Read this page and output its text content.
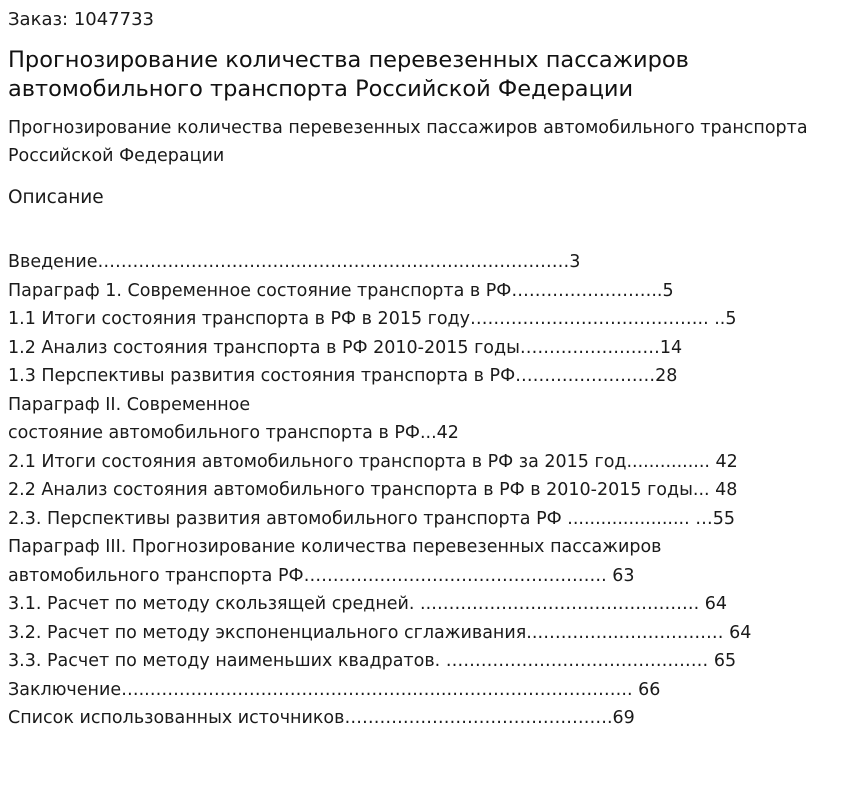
Заказ: 1047733

Прогнозирование количества перевезенных пассажиров автомобильного транспорта Российской Федерации

Прогнозирование количества перевезенных пассажиров автомобильного транспорта Российской Федерации

Описание
Введение……………………………..……………………….………………3
Параграф 1. Современное состояние транспорта в РФ……………………..5
1.1 Итоги состояния транспорта в РФ в 2015 году………………………………….. ..5
1.2 Анализ состояния транспорта в РФ 2010-2015 годы……………………14
1.3 Перспективы развития состояния транспорта в РФ……………………28
Параграф II. Современное
состояние автомобильного транспорта в РФ...42
2.1 Итоги состояния автомобильного транспорта в РФ за 2015 год............... 42
2.2 Анализ состояния автомобильного транспорта в РФ в 2010-2015 годы... 48
2.3. Перспективы развития автомобильного транспорта РФ ...................... …55
Параграф III. Прогнозирование количества перевезенных пассажиров
автомобильного транспорта РФ……………………………………………. 63
3.1. Расчет по методу скользящей средней. ..………………………………………. 64
3.2. Расчет по методу экспоненциального сглаживания..…………..……………… 64
3.3. Расчет по методу наименьших квадратов. ……………………………………… 65
Заключение…..……………………………………….…..………………………….. 66
Список использованных источников……………………………………….69
